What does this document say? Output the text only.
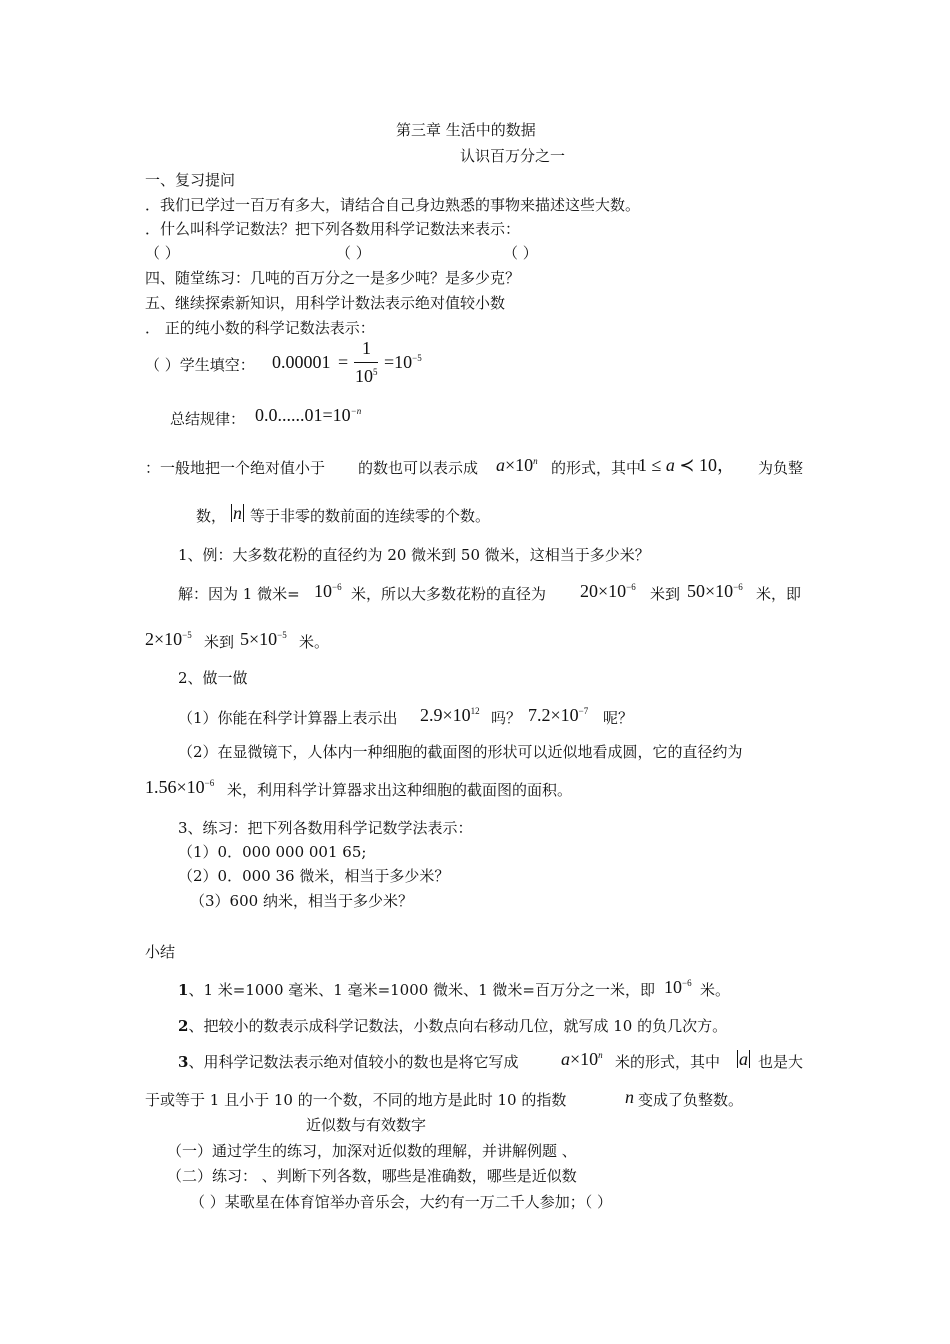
第三章 生活中的数据
认识百万分之一
一、复习提问
．我们已学过一百万有多大，请结合自己身边熟悉的事物来描述这些大数。
．什么叫科学记数法？把下列各数用科学记数法来表示：
（ ）	（ ）	（ ）
四、随堂练习：几吨的百万分之一是多少吨？是多少克？
五、继续探索新知识，用科学计数法表示绝对值较小数
． 正的纯小数的科学记数法表示：
（ ）学生填空： 0.00001 =
1
$10^5 =10^{-5}$
总结规律： $0.0......01=10^{-n}$
：一般地把一个绝对值小于 的数也可以表示成 $a\times 10^n$ 的形式，其中
1 ≤ a ≺ 10， 为负整
数， n 等于非零的数前面的连续零的个数。
1、例：大多数花粉的直径约为 20 微米到 50 微米，这相当于多少米？
解：因为 1 微米= $10^{-6}$ 米，所以大多数花粉的直径为 $20\times 10^{-6}$ 米到 $50\times 10^{-6}$ 米，即
$2\times 10^{-5}$ 米到 $5\times 10^{-5}$ 米。
2、做一做
（1）你能在科学计算器上表示出 $2.9\times 10^{12}$ 吗？ $7.2\times 10^{-7}$ 呢？
（2）在显微镜下，人体内一种细胞的截面图的形状可以近似地看成圆，它的直径约为
$1.56\times 10^{-6}$ 米，利用科学计算器求出这种细胞的截面图的面积。
3、练习：把下列各数用科学记数学法表示：
（1）0．000 000 001 65;
（2）0．000 36 微米，相当于多少米？
（3）600 纳米，相当于多少米？
小结
1、1 米=1000 毫米、1 毫米=1000 微米、1 微米=百万分之一米，即 $10^{-6}$ 米。
2、把较小的数表示成科学记数法，小数点向右移动几位，就写成 10 的负几次方。
3、用科学记数法表示绝对值较小的数也是将它写成 $a\times 10^n$ 米的形式，其中 a 也是大
于或等于 1 且小于 10 的一个数，不同的地方是此时 10 的指数	n 变成了负整数。
近似数与有效数字
（一）通过学生的练习，加深对近似数的理解，并讲解例题 、
（二）练习： 、判断下列各数，哪些是准确数，哪些是近似数
（ ）某歌星在体育馆举办音乐会，大约有一万二千人参加；（ ）
